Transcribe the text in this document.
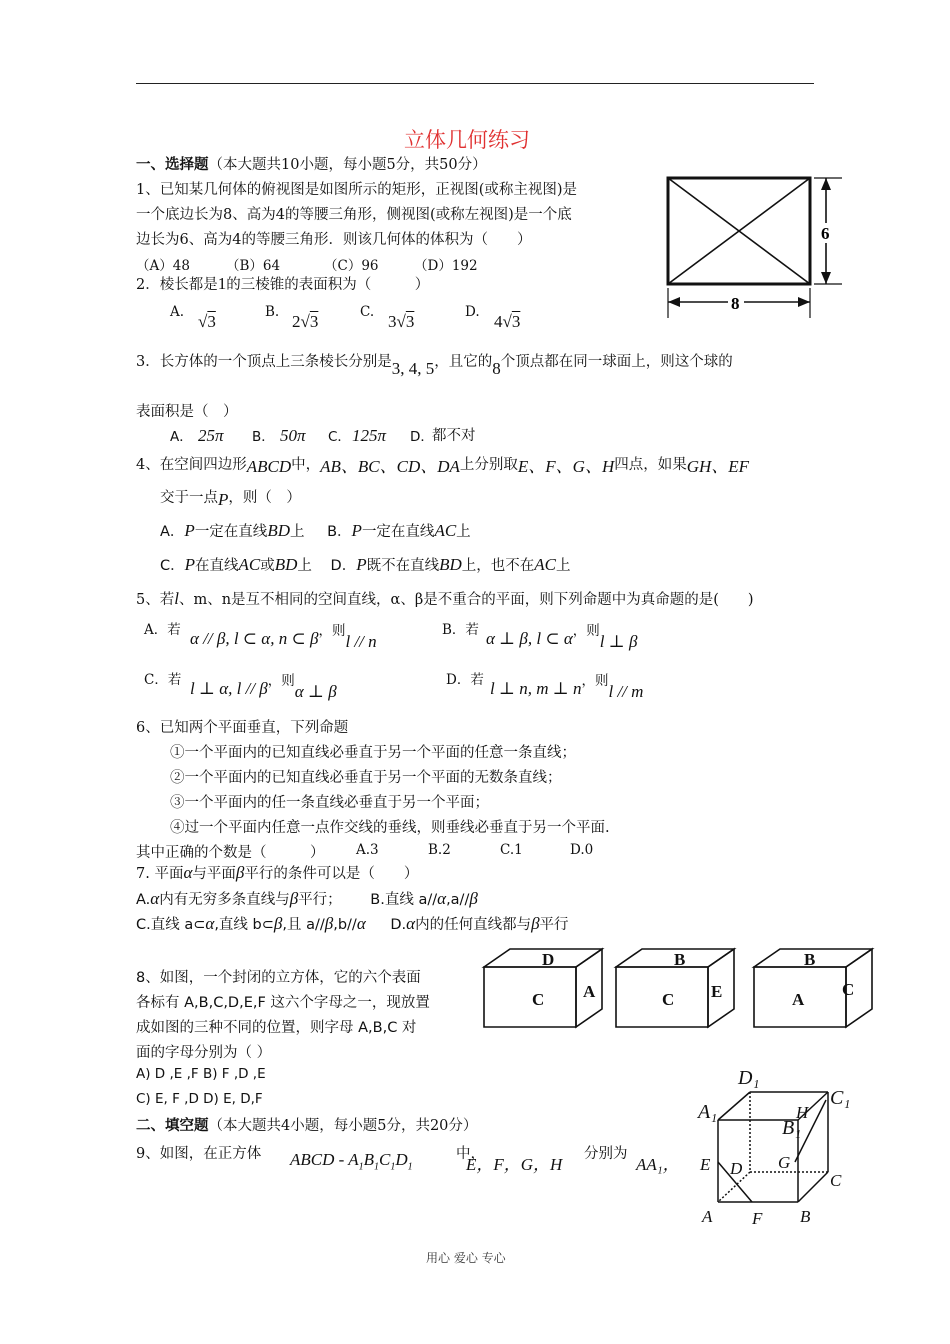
立体几何练习
一、选择题（本大题共10小题，每小题5分，共50分）
1、已知某几何体的俯视图是如图所示的矩形，正视图(或称主视图)是
一个底边长为8、高为4的等腰三角形，侧视图(或称左视图)是一个底
边长为6、高为4的等腰三角形．则该几何体的体积为（　　）
（A）48	（B）64	（C）96	（D）192
6
8
2．棱长都是1的三棱锥的表面积为（　　　）
A. √3	B. 2√3	C. 3√3	D. 4√3
3．长方体的一个顶点上三条棱长分别是3, 4, 5，且它的8个顶点都在同一球面上，则这个球的
表面积是（　）
A． 25π B． 50π C． 125π D．
都不对
4、在空间四边形ABCD中，AB、BC、CD、DA上分别取E、F、G、H四点，如果GH、EF
交于一点P，则（　）
A．P一定在直线BD上 B．P一定在直线AC上
C．P在直线AC或BD上 D．P既不在直线BD上，也不在AC上
5、若l、m、n是互不相同的空间直线，α、β是不重合的平面，则下列命题中为真命题的是(　　)
A．若 α // β, l ⊂ α, n ⊂ $\beta^{,则}l$ // n
B．若 α ⊥ β, l ⊂ $\alpha^{,则}l$ ⊥ β
C．若 l ⊥ α, l // $\beta^{,则}\alpha$ ⊥ β
D．若 l ⊥ n, m ⊥ $n^{,则}l$ // m
6、已知两个平面垂直，下列命题
①一个平面内的已知直线必垂直于另一个平面的任意一条直线；
②一个平面内的已知直线必垂直于另一个平面的无数条直线；
③一个平面内的任一条直线必垂直于另一个平面；
④过一个平面内任意一点作交线的垂线，则垂线必垂直于另一个平面.
其中正确的个数是（　　　） A.3	B.2	C.1	D.0
7. 平面α与平面β平行的条件可以是（　　）
A.α内有无穷多条直线与β平行； B.直线 a//α,a//β
C.直线 a⊂α,直线 b⊂β,且 a//β,b//α D.α内的任何直线都与β平行
8、如图，一个封闭的立方体，它的六个表面
各标有 A,B,C,D,E,F 这六个字母之一，现放置
成如图的三种不同的位置，则字母 A,B,C 对
面的字母分别为（ ）
A) D ,E ,F B) F ,D ,E
C) E, F ,D D) E, D,F
D
C A
B
C E
B
A
C
二、填空题（本大题共4小题，每小题5分，共20分）
9、如图，在正方体 ABCD - $A_1B_1C_1D_1$
中，
E，F，G，H
分别为
AA₁，
D₁
C₁
A₁
B₁
H
E D G
C
A F B
用心 爱心 专心
